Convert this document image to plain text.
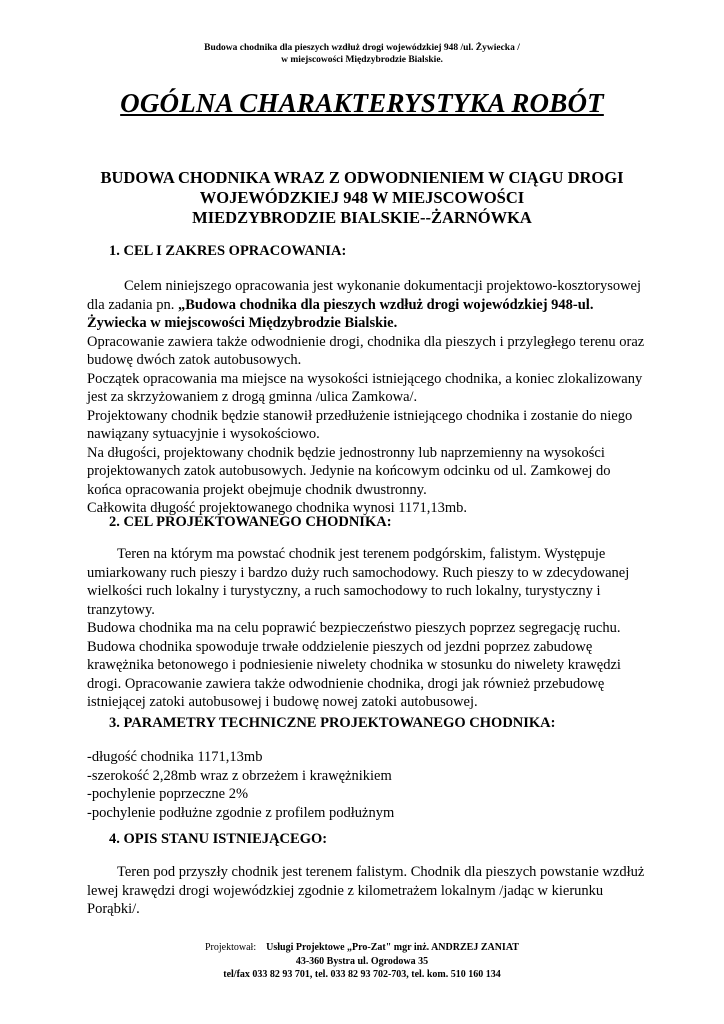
Budowa chodnika dla pieszych wzdłuż drogi wojewódzkiej 948 /ul. Żywiecka /
w miejscowości Międzybrodzie Bialskie.
OGÓLNA CHARAKTERYSTYKA ROBÓT
BUDOWA CHODNIKA WRAZ Z ODWODNIENIEM W CIĄGU DROGI
WOJEWÓDZKIEJ 948 W MIEJSCOWOŚCI
MIEDZYBRODZIE BIALSKIE--ŻARNÓWKA
1. CEL I ZAKRES OPRACOWANIA:

Celem niniejszego opracowania jest wykonanie dokumentacji projektowo-kosztorysowej dla zadania pn. „Budowa chodnika dla pieszych wzdłuż drogi wojewódzkiej 948-ul. Żywiecka w miejscowości Międzybrodzie Bialskie.

Opracowanie zawiera także odwodnienie drogi, chodnika dla pieszych i przyległego terenu oraz budowę dwóch zatok autobusowych.

Początek opracowania ma miejsce na wysokości istniejącego chodnika, a koniec zlokalizowany jest za skrzyżowaniem z drogą gminna /ulica Zamkowa/.

Projektowany chodnik będzie stanowił przedłużenie istniejącego chodnika i zostanie do niego nawiązany sytuacyjnie i wysokościowo.

Na długości, projektowany chodnik będzie jednostronny lub naprzemienny na wysokości projektowanych zatok autobusowych. Jedynie na końcowym odcinku od ul. Zamkowej do końca opracowania projekt obejmuje chodnik dwustronny.

Całkowita długość projektowanego chodnika wynosi 1171,13mb.

2. CEL PROJEKTOWANEGO CHODNIKA:

Teren na którym ma powstać chodnik jest terenem podgórskim, falistym. Występuje umiarkowany ruch pieszy i bardzo duży ruch samochodowy. Ruch pieszy to w zdecydowanej wielkości ruch lokalny i turystyczny, a ruch samochodowy to ruch lokalny, turystyczny i tranzytowy.

Budowa chodnika ma na celu poprawić bezpieczeństwo pieszych poprzez segregację ruchu. Budowa chodnika spowoduje trwałe oddzielenie pieszych od jezdni poprzez zabudowę krawężnika betonowego i podniesienie niwelety chodnika w stosunku do niwelety krawędzi drogi. Opracowanie zawiera także odwodnienie chodnika, drogi jak również przebudowę istniejącej zatoki autobusowej i budowę nowej zatoki autobusowej.

3. PARAMETRY TECHNICZNE PROJEKTOWANEGO CHODNIKA:

-długość chodnika 1171,13mb

-szerokość 2,28mb wraz z obrzeżem i krawężnikiem

-pochylenie poprzeczne 2%

-pochylenie podłużne zgodnie z profilem podłużnym

4. OPIS STANU ISTNIEJĄCEGO:

Teren pod przyszły chodnik jest terenem falistym. Chodnik dla pieszych powstanie wzdłuż lewej krawędzi drogi wojewódzkiej zgodnie z kilometrażem lokalnym /jadąc w kierunku Porąbki/.

Projektował: Usługi Projektowe „Pro-Zat" mgr inż. ANDRZEJ ZANIAT
43-360 Bystra ul. Ogrodowa 35
tel/fax 033 82 93 701, tel. 033 82 93 702-703, tel. kom. 510 160 134
